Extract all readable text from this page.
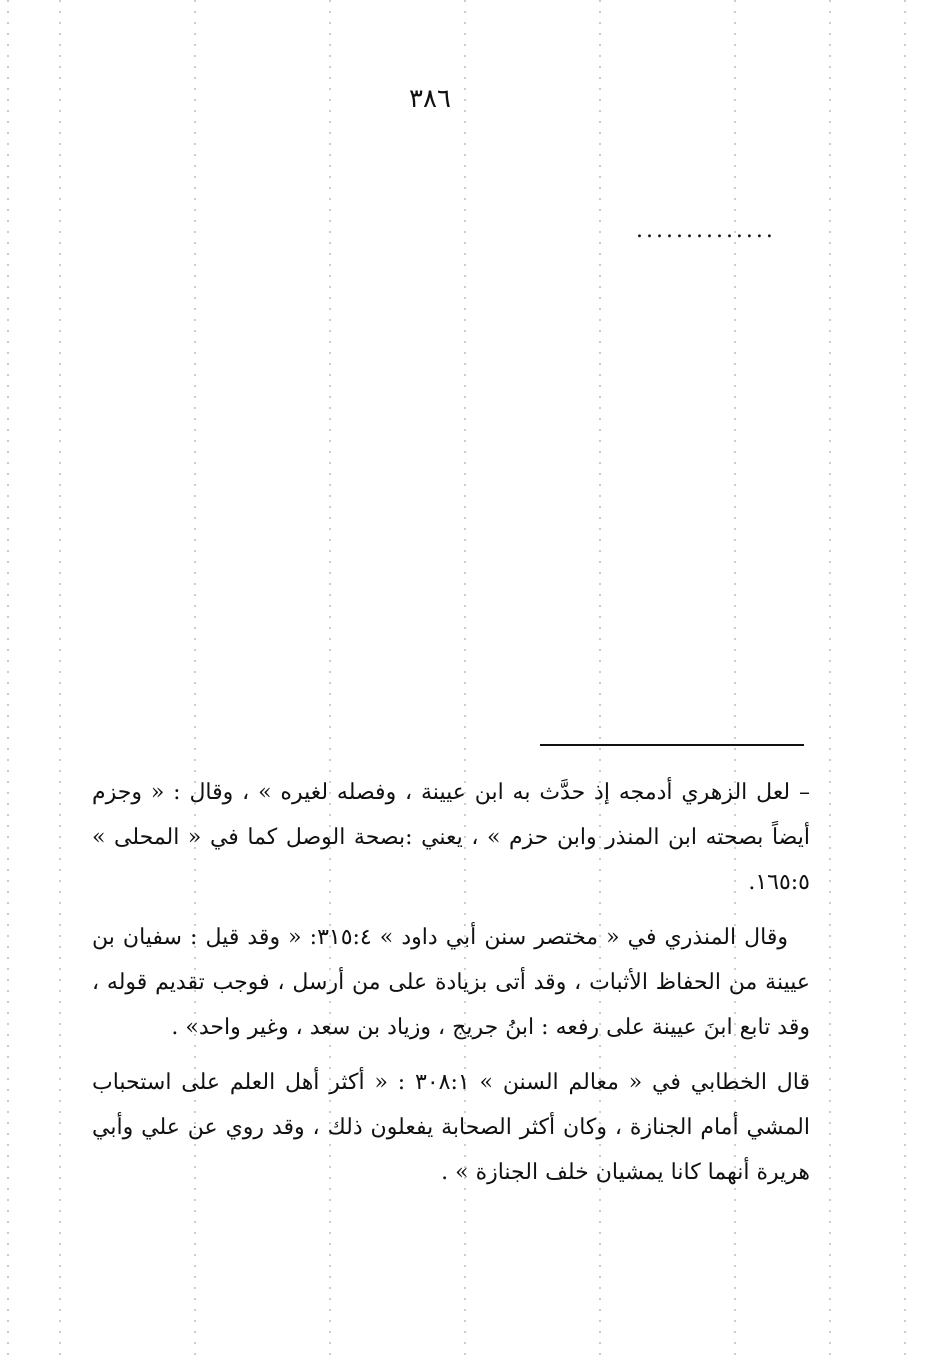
٣٨٦
..............

– لعل الزهري أدمجه إذ حدَّث به ابن عيينة ، وفصله لغيره » ، وقال : « وجزم أيضاً بصحته ابن المنذر وابن حزم » ، يعني :بصحة الوصل كما في « المحلى » ١٦٥:٥.

وقال المنذري في « مختصر سنن أبي داود » ٣١٥:٤: « وقد قيل : سفيان بن عيينة من الحفاظ الأثبات ، وقد أتى بزيادة على من أرسل ، فوجب تقديم قوله ، وقد تابع ابنَ عيينة على رفعه : ابنُ جريج ، وزياد بن سعد ، وغير واحد» .

قال الخطابي في « معالم السنن » ٣٠٨:١ : « أكثر أهل العلم على استحباب المشي أمام الجنازة ، وكان أكثر الصحابة يفعلون ذلك ، وقد روي عن علي وأبي هريرة أنهما كانا يمشيان خلف الجنازة » .
